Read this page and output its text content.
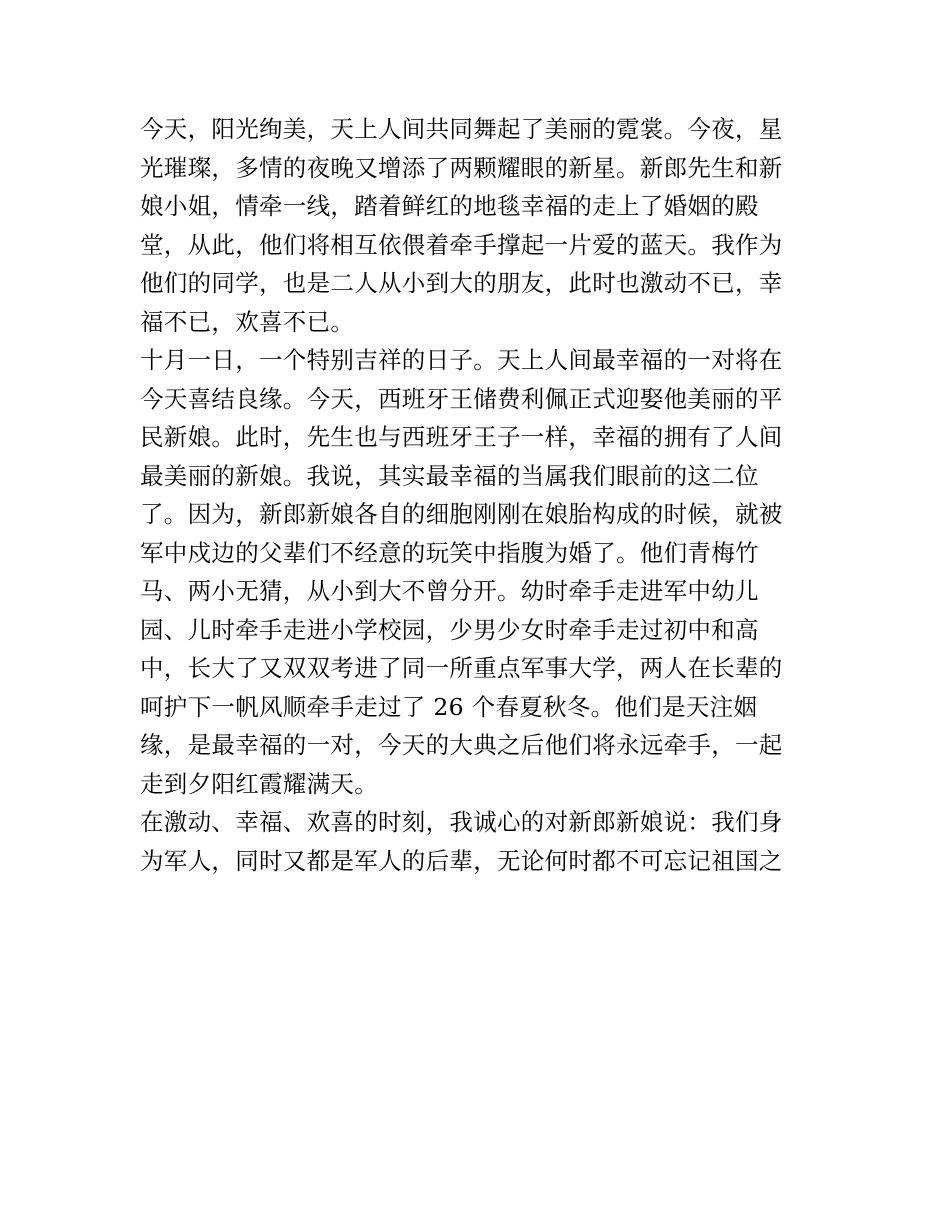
今天，阳光绚美，天上人间共同舞起了美丽的霓裳。今夜，星
光璀璨，多情的夜晚又增添了两颗耀眼的新星。新郎先生和新
娘小姐，情牵一线，踏着鲜红的地毯幸福的走上了婚姻的殿
堂，从此，他们将相互依偎着牵手撑起一片爱的蓝天。我作为
他们的同学，也是二人从小到大的朋友，此时也激动不已，幸
福不已，欢喜不已。
十月一日，一个特别吉祥的日子。天上人间最幸福的一对将在
今天喜结良缘。今天，西班牙王储费利佩正式迎娶他美丽的平
民新娘。此时，先生也与西班牙王子一样，幸福的拥有了人间
最美丽的新娘。我说，其实最幸福的当属我们眼前的这二位
了。因为，新郎新娘各自的细胞刚刚在娘胎构成的时候，就被
军中戍边的父辈们不经意的玩笑中指腹为婚了。他们青梅竹
马、两小无猜，从小到大不曾分开。幼时牵手走进军中幼儿
园、儿时牵手走进小学校园，少男少女时牵手走过初中和高
中，长大了又双双考进了同一所重点军事大学，两人在长辈的
呵护下一帆风顺牵手走过了 26 个春夏秋冬。他们是天注姻
缘，是最幸福的一对，今天的大典之后他们将永远牵手，一起
走到夕阳红霞耀满天。
在激动、幸福、欢喜的时刻，我诚心的对新郎新娘说：我们身
为军人，同时又都是军人的后辈，无论何时都不可忘记祖国之
